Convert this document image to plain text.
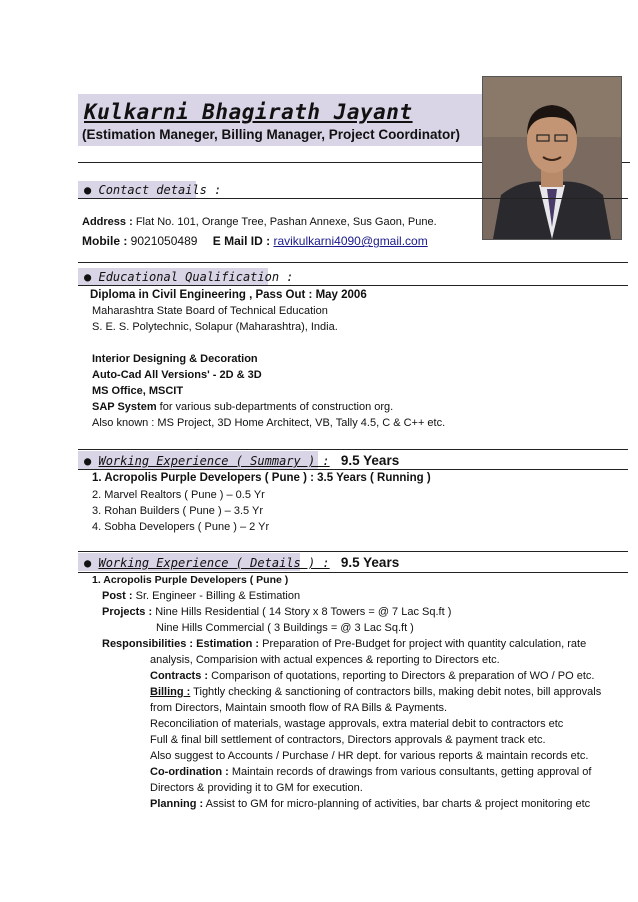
Kulkarni Bhagirath Jayant
(Estimation Maneger, Billing Manager, Project Coordinator)
● Contact details :
Address : Flat No. 101, Orange Tree, Pashan Annexe, Sus Gaon, Pune.
Mobile : 9021050489 E Mail ID : ravikulkarni4090@gmail.com
● Educational Qualification :
Diploma in Civil Engineering , Pass Out : May 2006
Maharashtra State Board of Technical Education
S. E. S. Polytechnic, Solapur (Maharashtra), India.
Interior Designing & Decoration
Auto-Cad All Versions' - 2D & 3D
MS Office, MSCIT
SAP System for various sub-departments of construction org.
Also known : MS Project, 3D Home Architect, VB, Tally 4.5, C & C++ etc.
● Working Experience ( Summary ) : 9.5 Years
1. Acropolis Purple Developers ( Pune ) : 3.5 Years ( Running )
2. Marvel Realtors ( Pune ) – 0.5 Yr
3. Rohan Builders ( Pune ) – 3.5 Yr
4. Sobha Developers ( Pune ) – 2 Yr
● Working Experience ( Details ) : 9.5 Years
1. Acropolis Purple Developers ( Pune )
Post : Sr. Engineer - Billing & Estimation
Projects : Nine Hills Residential ( 14 Story x 8 Towers = @ 7 Lac Sq.ft )
Nine Hills Commercial ( 3 Buildings = @ 3 Lac Sq.ft )
Responsibilities : Estimation : Preparation of Pre-Budget for project with quantity calculation, rate
analysis, Comparision with actual expences & reporting to Directors etc.
Contracts : Comparison of quotations, reporting to Directors & preparation of WO / PO etc.
Billing : Tightly checking & sanctioning of contractors bills, making debit notes, bill approvals
from Directors, Maintain smooth flow of RA Bills & Payments.
Reconciliation of materials, wastage approvals, extra material debit to contractors etc
Full & final bill settlement of contractors, Directors approvals & payment track etc.
Also suggest to Accounts / Purchase / HR dept. for various reports & maintain records etc.
Co-ordination : Maintain records of drawings from various consultants, getting approval of
Directors & providing it to GM for execution.
Planning : Assist to GM for micro-planning of activities, bar charts & project monitoring etc
